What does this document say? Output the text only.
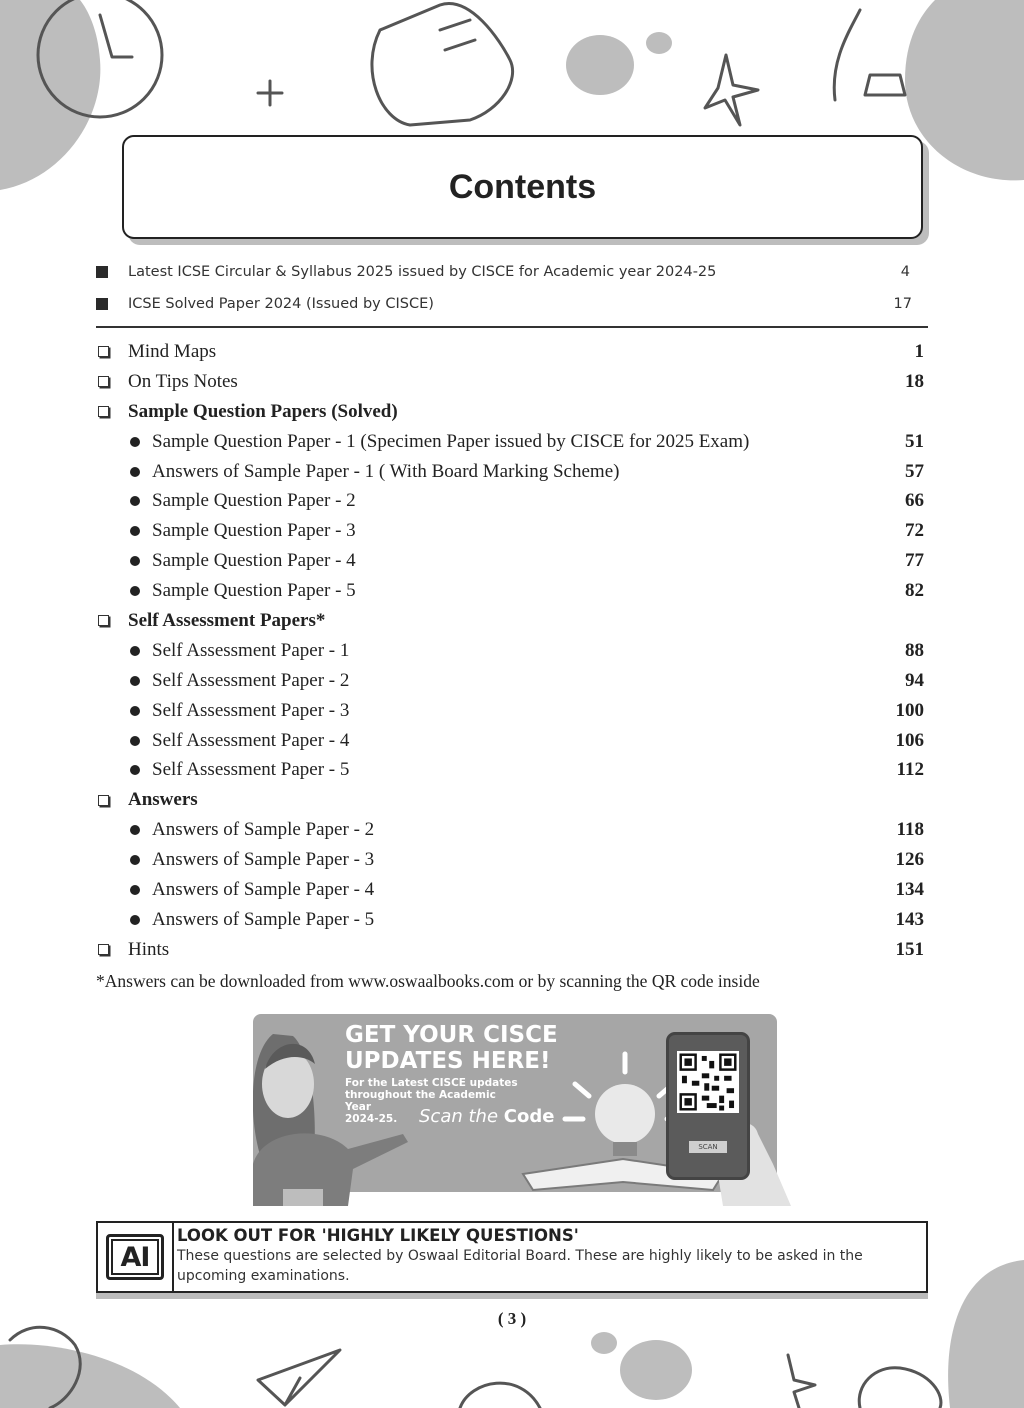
Contents
Latest ICSE Circular & Syllabus 2025 issued by CISCE for Academic year 2024-25	4
ICSE Solved Paper 2024 (Issued by CISCE)	17
Mind Maps	1
On Tips Notes	18
Sample Question Papers (Solved)
Sample Question Paper - 1 (Specimen Paper issued by CISCE for 2025 Exam)	51
Answers of Sample Paper - 1 ( With Board Marking Scheme)	57
Sample Question Paper - 2	66
Sample Question Paper - 3	72
Sample Question Paper - 4	77
Sample Question Paper - 5	82
Self Assessment Papers*
Self Assessment Paper - 1	88
Self Assessment Paper - 2	94
Self Assessment Paper - 3	100
Self Assessment Paper - 4	106
Self Assessment Paper - 5	112
Answers
Answers of Sample Paper - 2	118
Answers of Sample Paper - 3	126
Answers of Sample Paper - 4	134
Answers of Sample Paper - 5	143
Hints	151
*Answers can be downloaded from www.oswaalbooks.com or by scanning the QR code inside
GET YOUR CISCE
UPDATES HERE!
For the Latest CISCE updates
throughout the Academic Year
2024-25.	Scan the Code
SCAN
AI
LOOK OUT FOR 'HIGHLY LIKELY QUESTIONS'
These questions are selected by Oswaal Editorial Board. These are highly likely to be asked in the upcoming examinations.
( 3 )
